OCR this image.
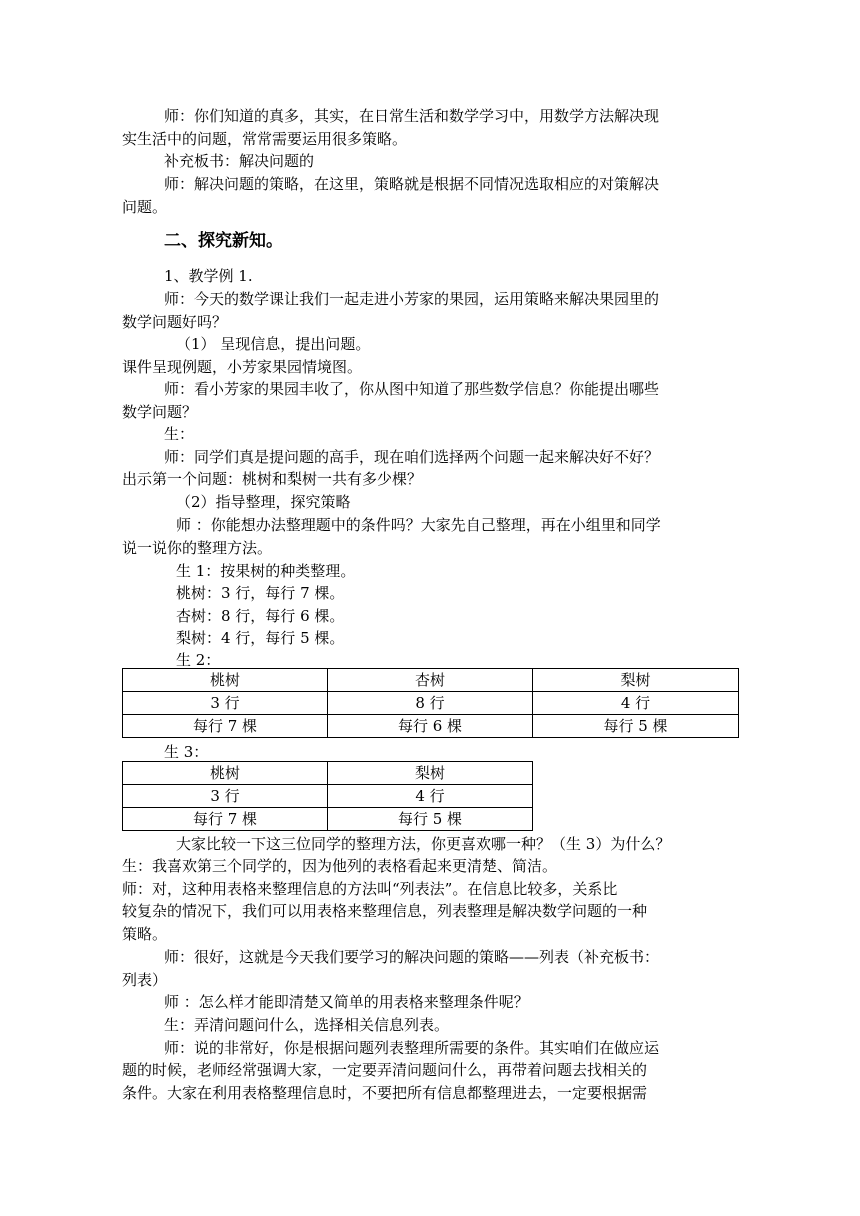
师：你们知道的真多，其实，在日常生活和数学学习中，用数学方法解决现
实生活中的问题，常常需要运用很多策略。
补充板书：解决问题的
师：解决问题的策略，在这里，策略就是根据不同情况选取相应的对策解决
问题。
二、探究新知。
1、教学例 1.
师：今天的数学课让我们一起走进小芳家的果园，运用策略来解决果园里的
数学问题好吗？
（1） 呈现信息，提出问题。
课件呈现例题，小芳家果园情境图。
师：看小芳家的果园丰收了，你从图中知道了那些数学信息？你能提出哪些
数学问题？
生：
师：同学们真是提问题的高手，现在咱们选择两个问题一起来解决好不好？
出示第一个问题：桃树和梨树一共有多少棵？
（2）指导整理，探究策略
师 ：你能想办法整理题中的条件吗？大家先自己整理，再在小组里和同学
说一说你的整理方法。
生 1：按果树的种类整理。
桃树：3 行，每行 7 棵。
杏树：8 行，每行 6 棵。
梨树：4 行，每行 5 棵。
生 2：
桃树	杏树	梨树
3 行	8 行	4 行
每行 7 棵	每行 6 棵	每行 5 棵
生 3：
桃树	梨树
3 行	4 行
每行 7 棵	每行 5 棵
大家比较一下这三位同学的整理方法，你更喜欢哪一种？（生 3）为什么？
生：我喜欢第三个同学的，因为他列的表格看起来更清楚、简洁。
师：对，这种用表格来整理信息的方法叫“列表法”。在信息比较多，关系比
较复杂的情况下，我们可以用表格来整理信息，列表整理是解决数学问题的一种
策略。
师：很好，这就是今天我们要学习的解决问题的策略——列表（补充板书：
列表）
师 ：怎么样才能即清楚又简单的用表格来整理条件呢？
生：弄清问题问什么，选择相关信息列表。
师：说的非常好，你是根据问题列表整理所需要的条件。其实咱们在做应运
题的时候，老师经常强调大家，一定要弄清问题问什么，再带着问题去找相关的
条件。大家在利用表格整理信息时，不要把所有信息都整理进去，一定要根据需
